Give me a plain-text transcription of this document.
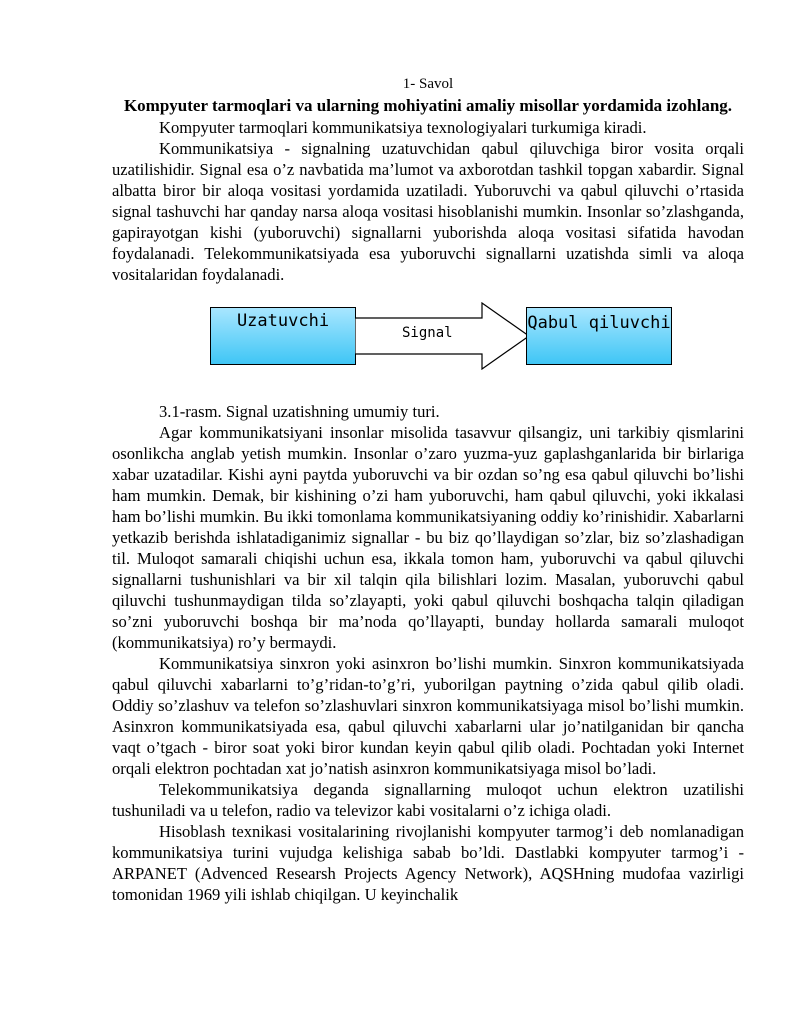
1- Savol

Kompyuter tarmoqlari va ularning mohiyatini amaliy misollar yordamida izohlang.

Kompyuter tarmoqlari kommunikatsiya texnologiyalari turkumiga kiradi.

Kommunikatsiya - signalning uzatuvchidan qabul qiluvchiga biror vosita orqali uzatilishidir. Signal esa o’z navbatida ma’lumot va axborotdan tashkil topgan xabardir. Signal albatta biror bir aloqa vositasi yordamida uzatiladi. Yuboruvchi va qabul qiluvchi o’rtasida signal tashuvchi har qanday narsa aloqa vositasi hisoblanishi mumkin. Insonlar so’zlashganda, gapirayotgan kishi (yuboruvchi) signallarni yuborishda aloqa vositasi sifatida havodan foydalanadi. Telekommunikatsiyada esa yuboruvchi signallarni uzatishda simli va aloqa vositalaridan foydalanadi.

Uzatuvchi
Signal	Qabul qiluvchi

3.1-rasm. Signal uzatishning umumiy turi.

Agar kommunikatsiyani insonlar misolida tasavvur qilsangiz, uni tarkibiy qismlarini osonlikcha anglab yetish mumkin. Insonlar o’zaro yuzma-yuz gaplashganlarida bir birlariga xabar uzatadilar. Kishi ayni paytda yuboruvchi va bir ozdan so’ng esa qabul qiluvchi bo’lishi ham mumkin. Demak, bir kishining o’zi ham yuboruvchi, ham qabul qiluvchi, yoki ikkalasi ham bo’lishi mumkin. Bu ikki tomonlama kommunikatsiyaning oddiy ko’rinishidir. Xabarlarni yetkazib berishda ishlatadiganimiz signallar - bu biz qo’llaydigan so’zlar, biz so’zlashadigan til. Muloqot samarali chiqishi uchun esa, ikkala tomon ham, yuboruvchi va qabul qiluvchi signallarni tushunishlari va bir xil talqin qila bilishlari lozim. Masalan, yuboruvchi qabul qiluvchi tushunmaydigan tilda so’zlayapti, yoki qabul qiluvchi boshqacha talqin qiladigan so’zni yuboruvchi boshqa bir ma’noda qo’llayapti, bunday hollarda samarali muloqot (kommunikatsiya) ro’y bermaydi.

Kommunikatsiya sinxron yoki asinxron bo’lishi mumkin. Sinxron kommunikatsiyada qabul qiluvchi xabarlarni to’g’ridan-to’g’ri, yuborilgan paytning o’zida qabul qilib oladi. Oddiy so’zlashuv va telefon so’zlashuvlari sinxron kommunikatsiyaga misol bo’lishi mumkin. Asinxron kommunikatsiyada esa, qabul qiluvchi xabarlarni ular jo’natilganidan bir qancha vaqt o’tgach - biror soat yoki biror kundan keyin qabul qilib oladi. Pochtadan yoki Internet orqali elektron pochtadan xat jo’natish asinxron kommunikatsiyaga misol bo’ladi.

Telekommunikatsiya deganda signallarning muloqot uchun elektron uzatilishi tushuniladi va u telefon, radio va televizor kabi vositalarni o’z ichiga oladi.

Hisoblash texnikasi vositalarining rivojlanishi kompyuter tarmog’i deb nomlanadigan kommunikatsiya turini vujudga kelishiga sabab bo’ldi. Dastlabki kompyuter tarmog’i - ARPANET (Advenced Researsh Projects Agency Network), AQSHning mudofaa vazirligi tomonidan 1969 yili ishlab chiqilgan. U keyinchalik
